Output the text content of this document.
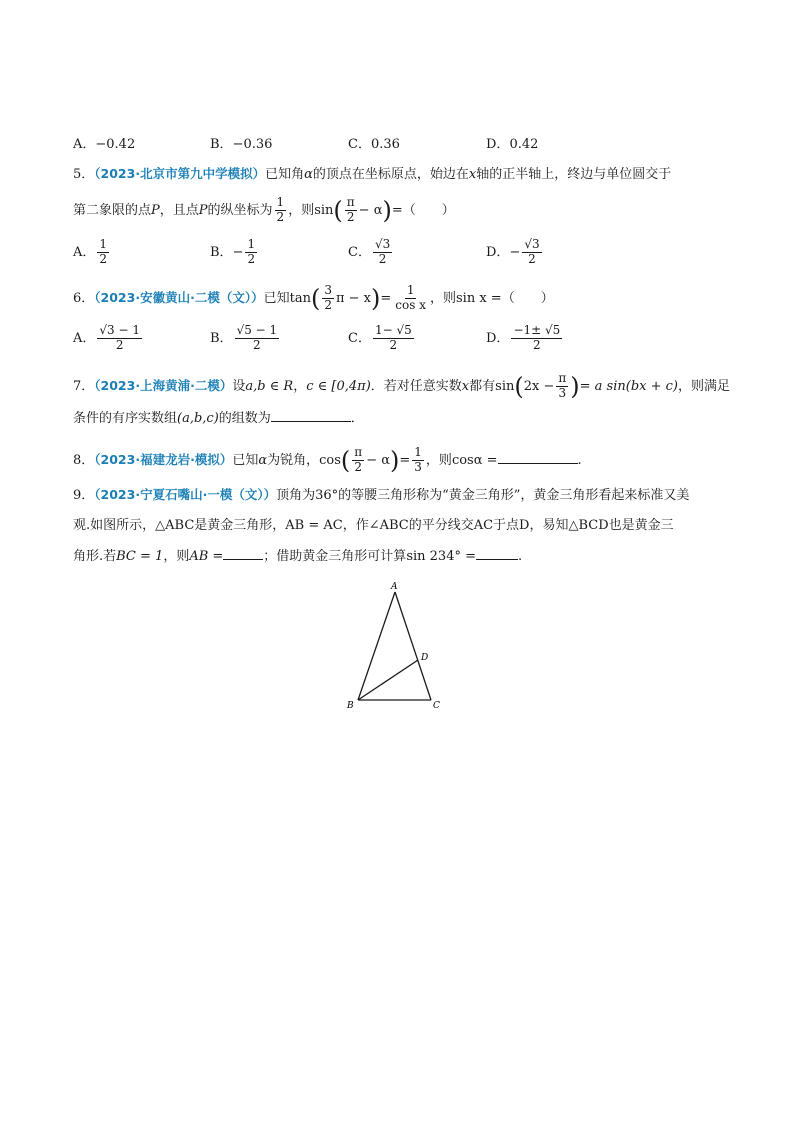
A．−0.42	B．−0.36	C．0.36	D．0.42
5．（2023·北京市第九中学模拟）已知角α的顶点在坐标原点，始边在x轴的正半轴上，终边与单位圆交于
第二象限的点P，且点P的纵坐标为 $\frac{1}{2}$ ，则$\sin( \frac{\pi}{2} - \alpha)=$（　　）
A． $\frac{1}{2}$	B．− $\frac{1}{2}$	C． $\frac{√3}{2}$	D．− $\frac{√3}{2}$
6．（2023·安徽黄山·二模（文））已知$\tan( \frac{3}{2}$ $\pi - x)= \frac{1}{\text{cos x}}$ ，则sin x =（　　）
A． $\frac{√3 - 1}{2}$	B． $\frac{√5 - 1}{2}$	C． $\frac{1- √5}{2}$	D． $\frac{-1\pm √5}{2}$
7．（2023·上海黄浦·二模）设a,b ∈ R，c ∈ [0,4π)．若对任意实数x都有$\sin(2x - \frac{\pi}{3}$ )= a sin(bx + c)，则满足
条件的有序实数组(a,b,c)的组数为	．
8．（2023·福建龙岩·模拟）已知α为锐角，$\cos( \frac{\pi}{2} - \alpha)= \frac{1}{3}$ ，则cosα =	.
9．（2023·宁夏石嘴山·一模（文））顶角为36°的等腰三角形称为“黄金三角形”，黄金三角形看起来标准又美
观.如图所示，△ABC是黄金三角形，AB = AC，作∠ABC的平分线交AC于点D，易知△BCD也是黄金三
角形.若BC = 1，则AB =	；借助黄金三角形可计算sin 234° =	.
A
B	C
D
